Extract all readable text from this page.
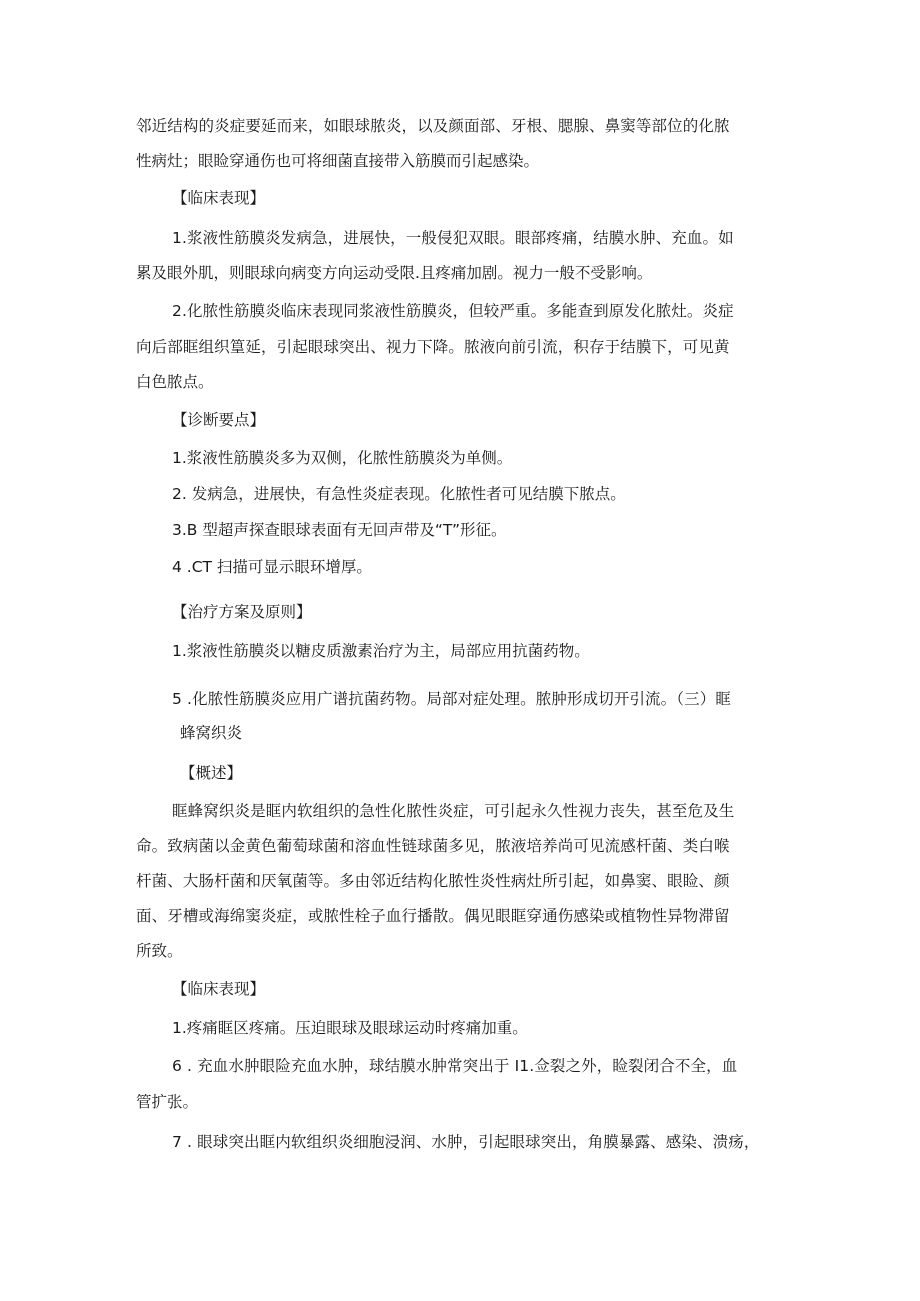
邻近结构的炎症要延而来，如眼球脓炎，以及颜面部、牙根、腮腺、鼻窦等部位的化脓

性病灶；眼睑穿通伤也可将细菌直接带入筋膜而引起感染。

【临床表现】

1.浆液性筋膜炎发病急，进展快，一般侵犯双眼。眼部疼痛，结膜水肿、充血。如

累及眼外肌，则眼球向病变方向运动受限.且疼痛加剧。视力一般不受影响。

2.化脓性筋膜炎临床表现同浆液性筋膜炎，但较严重。多能查到原发化脓灶。炎症

向后部眶组织篁延，引起眼球突出、视力下降。脓液向前引流，积存于结膜下，可见黄

白色脓点。

【诊断要点】

1.浆液性筋膜炎多为双侧，化脓性筋膜炎为单侧。

2. 发病急，进展快，有急性炎症表现。化脓性者可见结膜下脓点。

3.B 型超声探查眼球表面有无回声带及“T”形征。

4 .CT 扫描可显示眼环增厚。

【治疗方案及原则】

1.浆液性筋膜炎以糖皮质激素治疗为主，局部应用抗菌药物。

5 .化脓性筋膜炎应用广谱抗菌药物。局部对症处理。脓肿形成切开引流。（三）眶

蜂窝织炎

【概述】

眶蜂窝织炎是眶内软组织的急性化脓性炎症，可引起永久性视力丧失，甚至危及生

命。致病菌以金黄色葡萄球菌和溶血性链球菌多见，脓液培养尚可见流感杆菌、类白喉

杆菌、大肠杆菌和厌氧菌等。多由邻近结构化脓性炎性病灶所引起，如鼻窦、眼睑、颜

面、牙槽或海绵窦炎症，或脓性栓子血行播散。偶见眼眶穿通伤感染或植物性异物滞留

所致。

【临床表现】

1.疼痛眶区疼痛。压迫眼球及眼球运动时疼痛加重。

6 . 充血水肿眼险充血水肿，球结膜水肿常突出于 I1.佥裂之外，睑裂闭合不全，血

管扩张。

7 . 眼球突出眶内软组织炎细胞浸润、水肿，引起眼球突出，角膜暴露、感染、溃疡，
